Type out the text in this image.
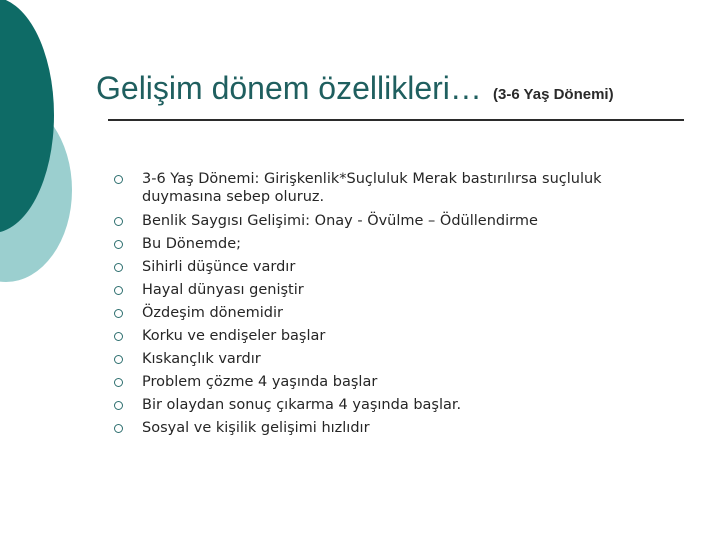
Gelişim dönem özellikleri… (3-6 Yaş Dönemi)
3-6 Yaş Dönemi: Girişkenlik*Suçluluk Merak bastırılırsa suçluluk
duymasına sebep oluruz.
Benlik Saygısı Gelişimi: Onay - Övülme – Ödüllendirme
Bu Dönemde;
Sihirli düşünce vardır
Hayal dünyası geniştir
Özdeşim dönemidir
Korku ve endişeler başlar
Kıskançlık vardır
Problem çözme 4 yaşında başlar
Bir olaydan sonuç çıkarma 4 yaşında başlar.
Sosyal ve kişilik gelişimi hızlıdır
